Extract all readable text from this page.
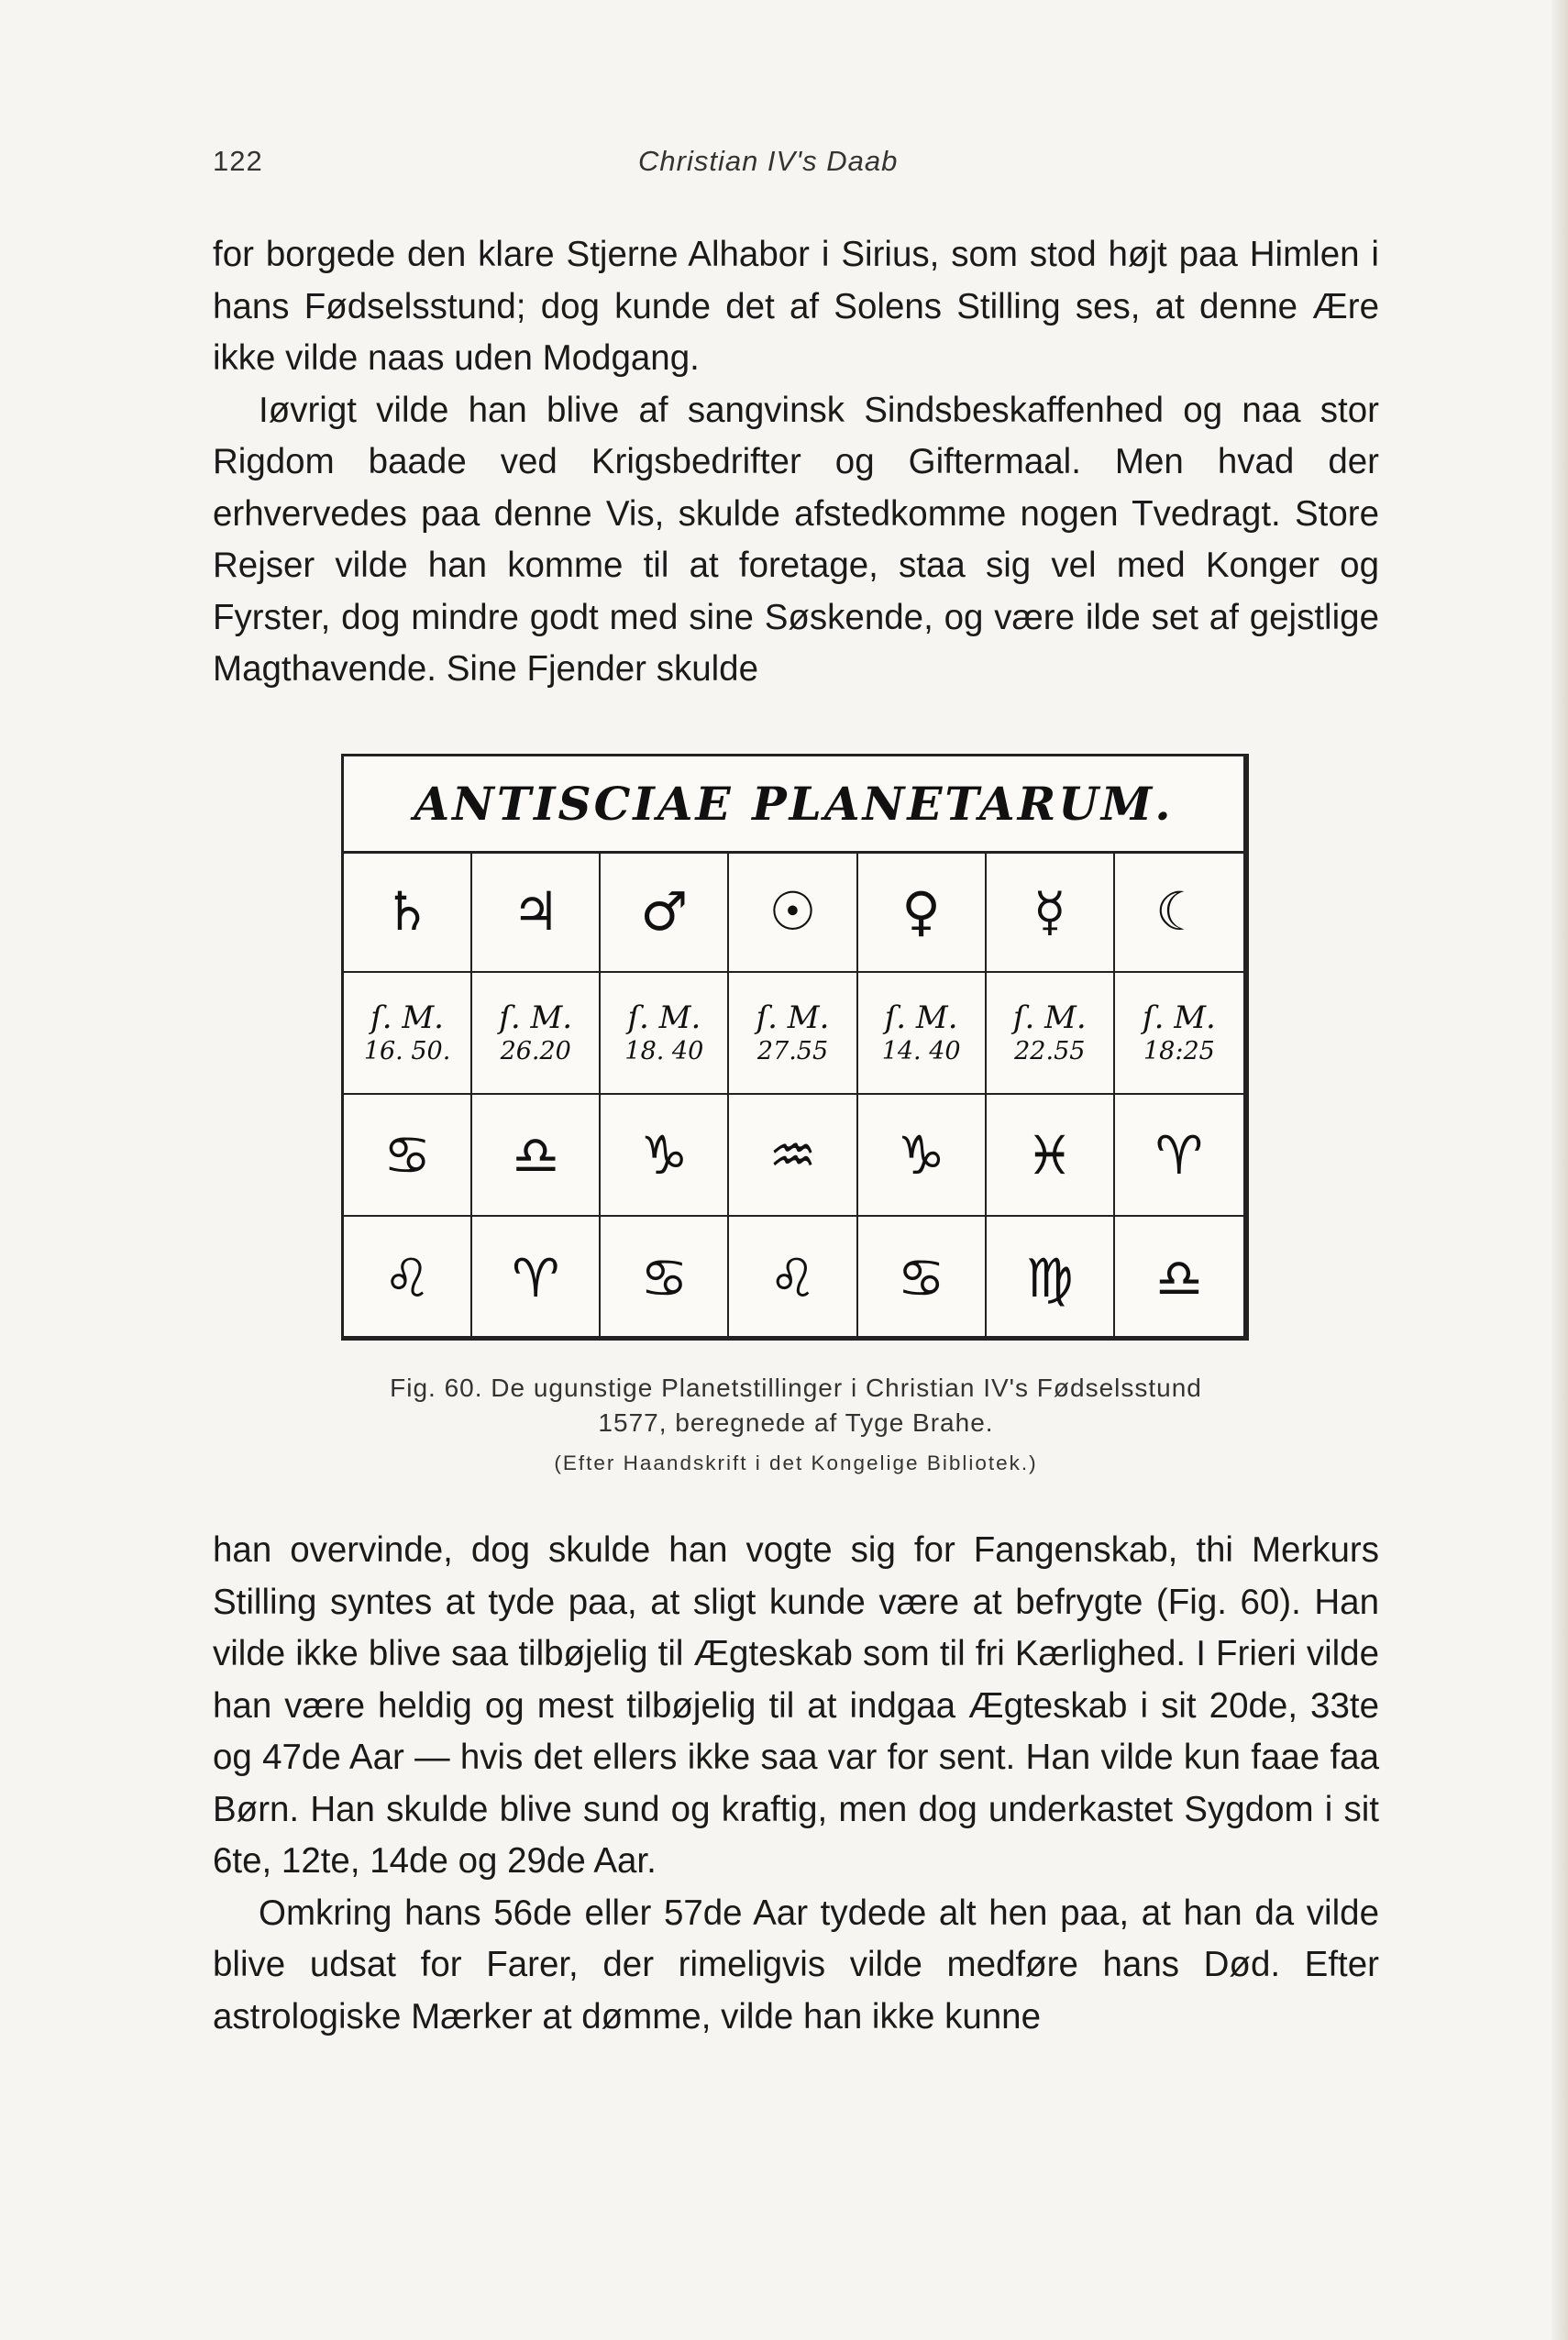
122	Christian IV's Daab

for borgede den klare Stjerne Alhabor i Sirius, som stod højt paa Himlen i hans Fødselsstund; dog kunde det af Solens Stilling ses, at denne Ære ikke vilde naas uden Modgang.

Iøvrigt vilde han blive af sangvinsk Sindsbeskaffenhed og naa stor Rigdom baade ved Krigsbedrifter og Giftermaal. Men hvad der erhvervedes paa denne Vis, skulde afstedkomme nogen Tvedragt. Store Rejser vilde han komme til at foretage, staa sig vel med Konger og Fyrster, dog mindre godt med sine Søskende, og være ilde set af gejstlige Magthavende. Sine Fjender skulde

ANTISCIAE PLANETARUM.
♄ ♃ ♂ ☉ ♀ ☿ ☾
ſ. M.
16. 50.
ſ. M.
26.20
ſ. M.
18. 40
ſ. M.
27.55
ſ. M.
14. 40
ſ. M.
22.55
ſ. M.
18:25
♋ ♎ ♑ ♒ ♑ ♓ ♈
♌ ♈ ♋ ♌ ♋ ♍ ♎
Fig. 60. De ugunstige Planetstillinger i Christian IV's Fødselsstund
1577, beregnede af Tyge Brahe.
(Efter Haandskrift i det Kongelige Bibliotek.)

han overvinde, dog skulde han vogte sig for Fangenskab, thi Merkurs Stilling syntes at tyde paa, at sligt kunde være at befrygte (Fig. 60). Han vilde ikke blive saa tilbøjelig til Ægteskab som til fri Kærlighed. I Frieri vilde han være heldig og mest tilbøjelig til at indgaa Ægteskab i sit 20de, 33te og 47de Aar — hvis det ellers ikke saa var for sent. Han vilde kun faae faa Børn. Han skulde blive sund og kraftig, men dog underkastet Sygdom i sit 6te, 12te, 14de og 29de Aar.

Omkring hans 56de eller 57de Aar tydede alt hen paa, at han da vilde blive udsat for Farer, der rimeligvis vilde medføre hans Død. Efter astrologiske Mærker at dømme, vilde han ikke kunne
